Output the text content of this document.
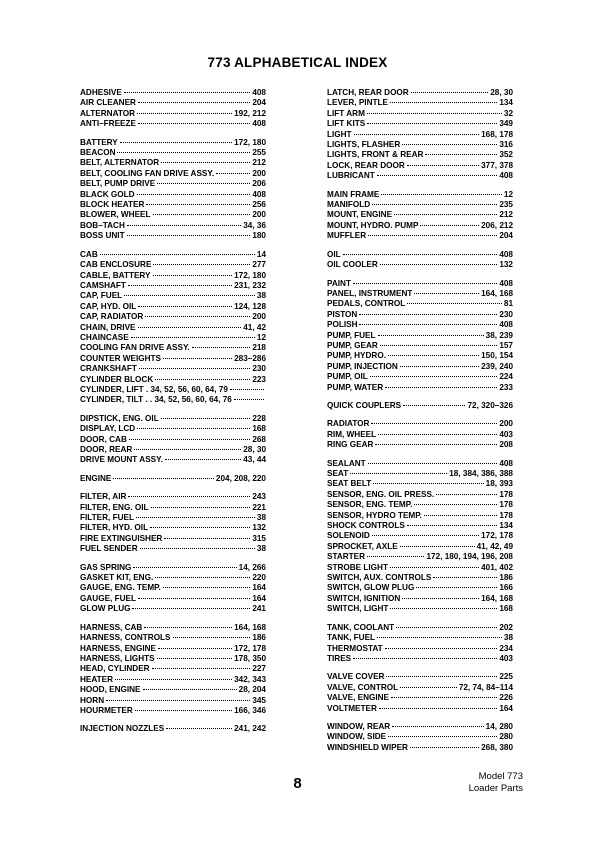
773 ALPHABETICAL INDEX
ADHESIVE	408
AIR CLEANER	204
ALTERNATOR	192, 212
ANTI–FREEZE	408
BATTERY	172, 180
BEACON	255
BELT, ALTERNATOR	212
BELT, COOLING FAN DRIVE ASSY.	200
BELT, PUMP DRIVE	206
BLACK GOLD	408
BLOCK HEATER	256
BLOWER, WHEEL	200
BOB–TACH	34, 36
BOSS UNIT	180
CAB	14
CAB ENCLOSURE	277
CABLE, BATTERY	172, 180
CAMSHAFT	231, 232
CAP, FUEL	38
CAP, HYD. OIL	124, 128
CAP, RADIATOR	200
CHAIN, DRIVE	41, 42
CHAINCASE	12
COOLING FAN DRIVE ASSY.	218
COUNTER WEIGHTS	283–286
CRANKSHAFT	230
CYLINDER BLOCK	223
CYLINDER, LIFT . 34, 52, 56, 60, 64, 79
CYLINDER, TILT . . 34, 52, 56, 60, 64, 76
DIPSTICK, ENG. OIL	228
DISPLAY, LCD	168
DOOR, CAB	268
DOOR, REAR	28, 30
DRIVE MOUNT ASSY.	43, 44
ENGINE	204, 208, 220
FILTER, AIR	243
FILTER, ENG. OIL	221
FILTER, FUEL	38
FILTER, HYD. OIL	132
FIRE EXTINGUISHER	315
FUEL SENDER	38
GAS SPRING	14, 266
GASKET KIT, ENG.	220
GAUGE, ENG. TEMP.	164
GAUGE, FUEL	164
GLOW PLUG	241
HARNESS, CAB	164, 168
HARNESS, CONTROLS	186
HARNESS, ENGINE	172, 178
HARNESS, LIGHTS	178, 350
HEAD, CYLINDER	227
HEATER	342, 343
HOOD, ENGINE	28, 204
HORN	345
HOURMETER	166, 346
INJECTION NOZZLES	241, 242
LATCH, REAR DOOR	28, 30
LEVER, PINTLE	134
LIFT ARM	32
LIFT KITS	349
LIGHT	168, 178
LIGHTS, FLASHER	316
LIGHTS, FRONT & REAR	352
LOCK, REAR DOOR	377, 378
LUBRICANT	408
MAIN FRAME	12
MANIFOLD	235
MOUNT, ENGINE	212
MOUNT, HYDRO. PUMP	206, 212
MUFFLER	204
OIL	408
OIL COOLER	132
PAINT	408
PANEL, INSTRUMENT	164, 168
PEDALS, CONTROL	81
PISTON	230
POLISH	408
PUMP, FUEL	38, 239
PUMP, GEAR	157
PUMP, HYDRO.	150, 154
PUMP, INJECTION	239, 240
PUMP, OIL	224
PUMP, WATER	233
QUICK COUPLERS	72, 320–326
RADIATOR	200
RIM, WHEEL	403
RING GEAR	208
SEALANT	408
SEAT	18, 384, 386, 388
SEAT BELT	18, 393
SENSOR, ENG. OIL PRESS.	178
SENSOR, ENG. TEMP.	178
SENSOR, HYDRO TEMP.	178
SHOCK CONTROLS	134
SOLENOID	172, 178
SPROCKET, AXLE	41, 42, 49
STARTER	172, 180, 194, 196, 208
STROBE LIGHT	401, 402
SWITCH, AUX. CONTROLS	186
SWITCH, GLOW PLUG	166
SWITCH, IGNITION	164, 168
SWITCH, LIGHT	168
TANK, COOLANT	202
TANK, FUEL	38
THERMOSTAT	234
TIRES	403
VALVE COVER	225
VALVE, CONTROL	72, 74, 84–114
VALVE, ENGINE	226
VOLTMETER	164
WINDOW, REAR	14, 280
WINDOW, SIDE	280
WINDSHIELD WIPER	268, 380
8	Model 773
Loader Parts
